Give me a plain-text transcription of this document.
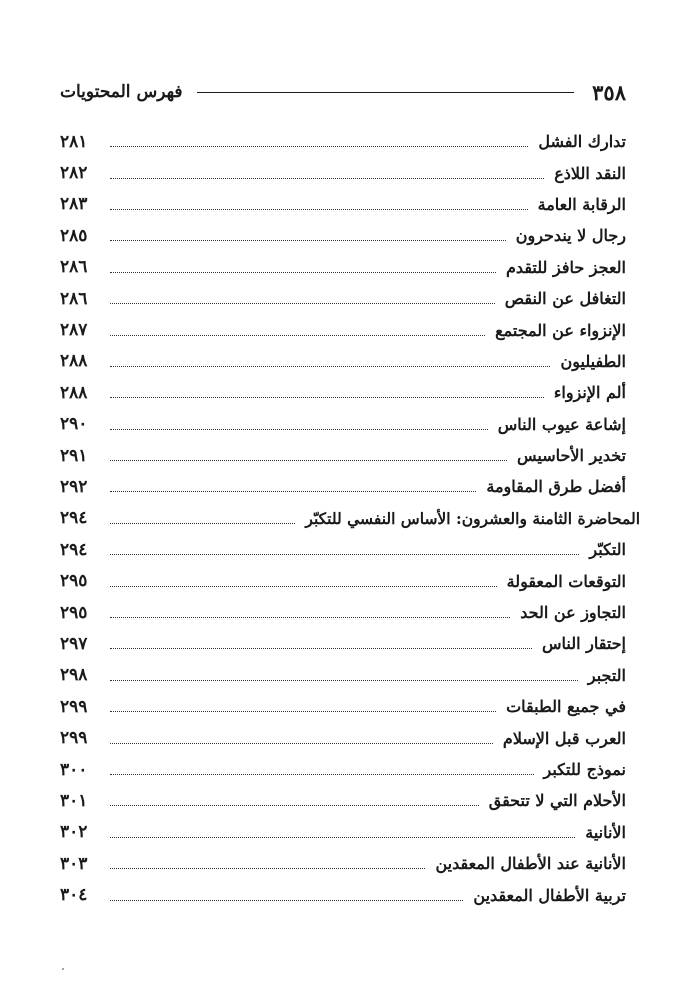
٣٥٨
فهرس المحتويات
تدارك الفشل
٢٨١
النقد اللاذع
٢٨٢
الرقابة العامة
٢٨٣
رجال لا يندحرون
٢٨٥
العجز حافز للتقدم
٢٨٦
التغافل عن النقص
٢٨٦
الإنزواء عن المجتمع
٢٨٧
الطفيليون
٢٨٨
ألم الإنزواء
٢٨٨
إشاعة عيوب الناس
٢٩٠
تخدير الأحاسيس
٢٩١
أفضل طرق المقاومة
٢٩٢
المحاضرة الثامنة والعشرون: الأساس النفسي للتكبّر
٢٩٤
التكبّر
٢٩٤
التوقعات المعقولة
٢٩٥
التجاوز عن الحد
٢٩٥
إحتقار الناس
٢٩٧
التجبر
٢٩٨
في جميع الطبقات
٢٩٩
العرب قبل الإسلام
٢٩٩
نموذج للتكبر
٣٠٠
الأحلام التي لا تتحقق
٣٠١
الأنانية
٣٠٢
الأنانية عند الأطفال المعقدين
٣٠٣
تربية الأطفال المعقدين
٣٠٤
